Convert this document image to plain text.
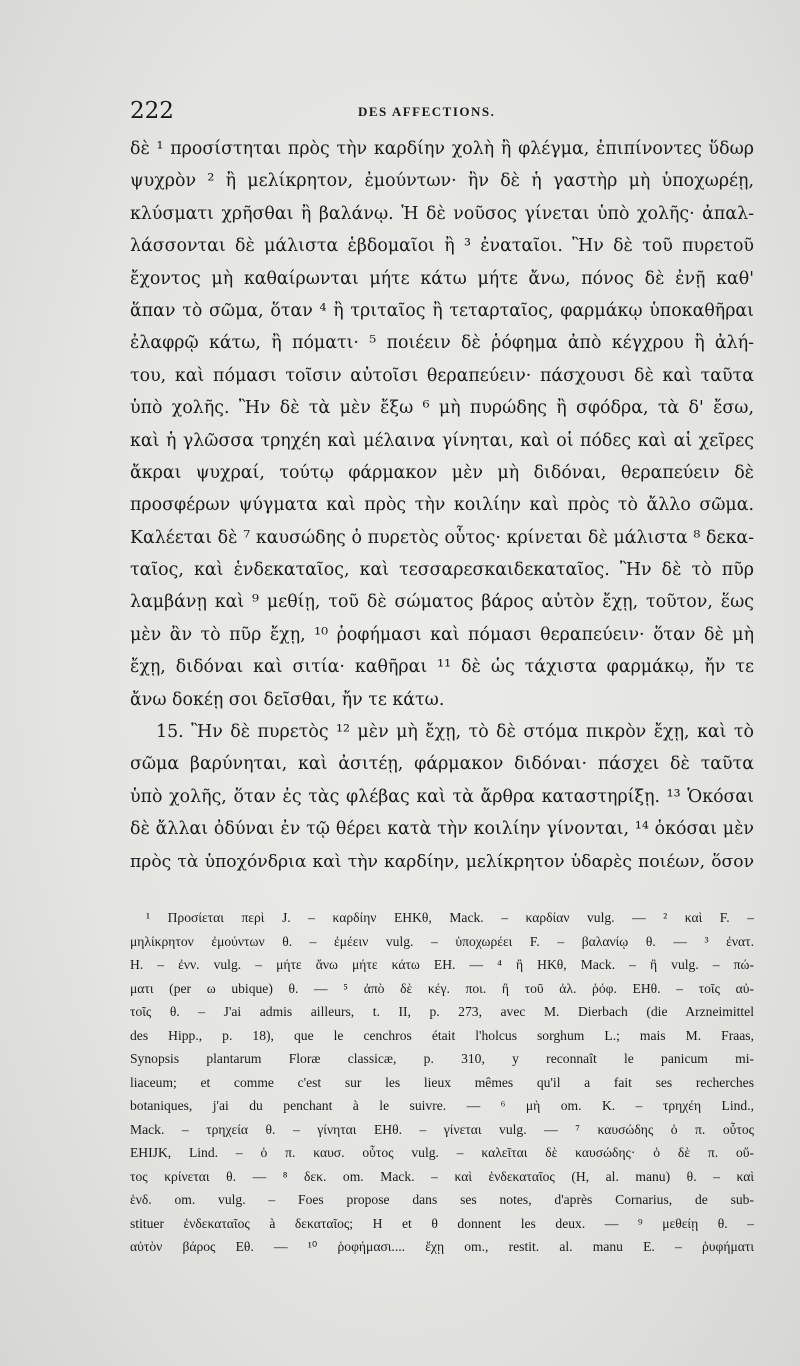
222	DES AFFECTIONS.
δὲ ¹ προσίστηται πρὸς τὴν καρδίην χολὴ ἢ φλέγμα, ἐπιπίνοντες ὕδωρ
ψυχρὸν ² ἢ μελίκρητον, ἐμούντων· ἢν δὲ ἡ γαστὴρ μὴ ὑποχωρέῃ,
κλύσματι χρῆσθαι ἢ βαλάνῳ. Ἡ δὲ νοῦσος γίνεται ὑπὸ χολῆς· ἀπαλ-
λάσσονται δὲ μάλιστα ἑβδομαῖοι ἢ ³ ἐναταῖοι. Ἢν δὲ τοῦ πυρετοῦ
ἔχοντος μὴ καθαίρωνται μήτε κάτω μήτε ἄνω, πόνος δὲ ἐνῇ καθ'
ἅπαν τὸ σῶμα, ὅταν ⁴ ἢ τριταῖος ἢ τεταρταῖος, φαρμάκῳ ὑποκαθῆραι
ἐλαφρῷ κάτω, ἢ πόματι· ⁵ ποιέειν δὲ ῥόφημα ἀπὸ κέγχρου ἢ ἀλή-
του, καὶ πόμασι τοῖσιν αὐτοῖσι θεραπεύειν· πάσχουσι δὲ καὶ ταῦτα
ὑπὸ χολῆς. Ἢν δὲ τὰ μὲν ἔξω ⁶ μὴ πυρώδης ἢ σφόδρα, τὰ δ' ἔσω,
καὶ ἡ γλῶσσα τρηχέη καὶ μέλαινα γίνηται, καὶ οἱ πόδες καὶ αἱ χεῖρες
ἄκραι ψυχραί, τούτῳ φάρμακον μὲν μὴ διδόναι, θεραπεύειν δὲ
προσφέρων ψύγματα καὶ πρὸς τὴν κοιλίην καὶ πρὸς τὸ ἄλλο σῶμα.
Καλέεται δὲ ⁷ καυσώδης ὁ πυρετὸς οὗτος· κρίνεται δὲ μάλιστα ⁸ δεκα-
ταῖος, καὶ ἑνδεκαταῖος, καὶ τεσσαρεσκαιδεκαταῖος. Ἢν δὲ τὸ πῦρ
λαμβάνῃ καὶ ⁹ μεθίῃ, τοῦ δὲ σώματος βάρος αὐτὸν ἔχῃ, τοῦτον, ἕως
μὲν ἂν τὸ πῦρ ἔχῃ, ¹⁰ ῥοφήμασι καὶ πόμασι θεραπεύειν· ὅταν δὲ μὴ
ἔχῃ, διδόναι καὶ σιτία· καθῆραι ¹¹ δὲ ὡς τάχιστα φαρμάκῳ, ἤν τε
ἄνω δοκέῃ σοι δεῖσθαι, ἤν τε κάτω.
15. Ἢν δὲ πυρετὸς ¹² μὲν μὴ ἔχῃ, τὸ δὲ στόμα πικρὸν ἔχῃ, καὶ τὸ
σῶμα βαρύνηται, καὶ ἀσιτέῃ, φάρμακον διδόναι· πάσχει δὲ ταῦτα
ὑπὸ χολῆς, ὅταν ἐς τὰς φλέβας καὶ τὰ ἄρθρα καταστηρίξῃ. ¹³ Ὁκόσαι
δὲ ἄλλαι ὀδύναι ἐν τῷ θέρει κατὰ τὴν κοιλίην γίνονται, ¹⁴ ὁκόσαι μὲν
πρὸς τὰ ὑποχόνδρια καὶ τὴν καρδίην, μελίκρητον ὑδαρὲς ποιέων, ὅσον
¹ Προσίεται περὶ J. – καρδίην EHKθ, Mack. – καρδίαν vulg. — ² καὶ F. –
μηλίκρητον ἐμούντων θ. – ἐμέειν vulg. – ὑποχωρέει F. – βαλανίῳ θ. — ³ ἐνατ.
H. – ἐνν. vulg. – μήτε ἄνω μήτε κάτω EH. — ⁴ ἢ HKθ, Mack. – ἢ vulg. – πώ-
ματι (per ω ubique) θ. — ⁵ ἀπὸ δὲ κέγ. ποι. ἢ τοῦ ἀλ. ῥόφ. EHθ. – τοῖς αὐ-
τοῖς θ. – J'ai admis ailleurs, t. II, p. 273, avec M. Dierbach (die Arzneimittel
des Hipp., p. 18), que le cenchros était l'holcus sorghum L.; mais M. Fraas,
Synopsis plantarum Floræ classicæ, p. 310, y reconnaît le panicum mi-
liaceum; et comme c'est sur les lieux mêmes qu'il a fait ses recherches
botaniques, j'ai du penchant à le suivre. — ⁶ μὴ om. K. – τρηχέη Lind.,
Mack. – τρηχεία θ. – γίνηται EHθ. – γίνεται vulg. — ⁷ καυσώδης ὁ π. οὗτος
EHIJK, Lind. – ὁ π. καυσ. οὗτος vulg. – καλεῖται δὲ καυσώδης· ὁ δὲ π. οὔ-
τος κρίνεται θ. — ⁸ δεκ. om. Mack. – καὶ ἑνδεκαταῖος (H, al. manu) θ. – καὶ
ἑνδ. om. vulg. – Foes propose dans ses notes, d'après Cornarius, de sub-
stituer ἑνδεκαταῖος à δεκαταῖος; H et θ donnent les deux. — ⁹ μεθείῃ θ. –
αὐτὸν βάρος Eθ. — ¹⁰ ῥοφήμασι.... ἔχῃ om., restit. al. manu E. – ῥυφήματι
